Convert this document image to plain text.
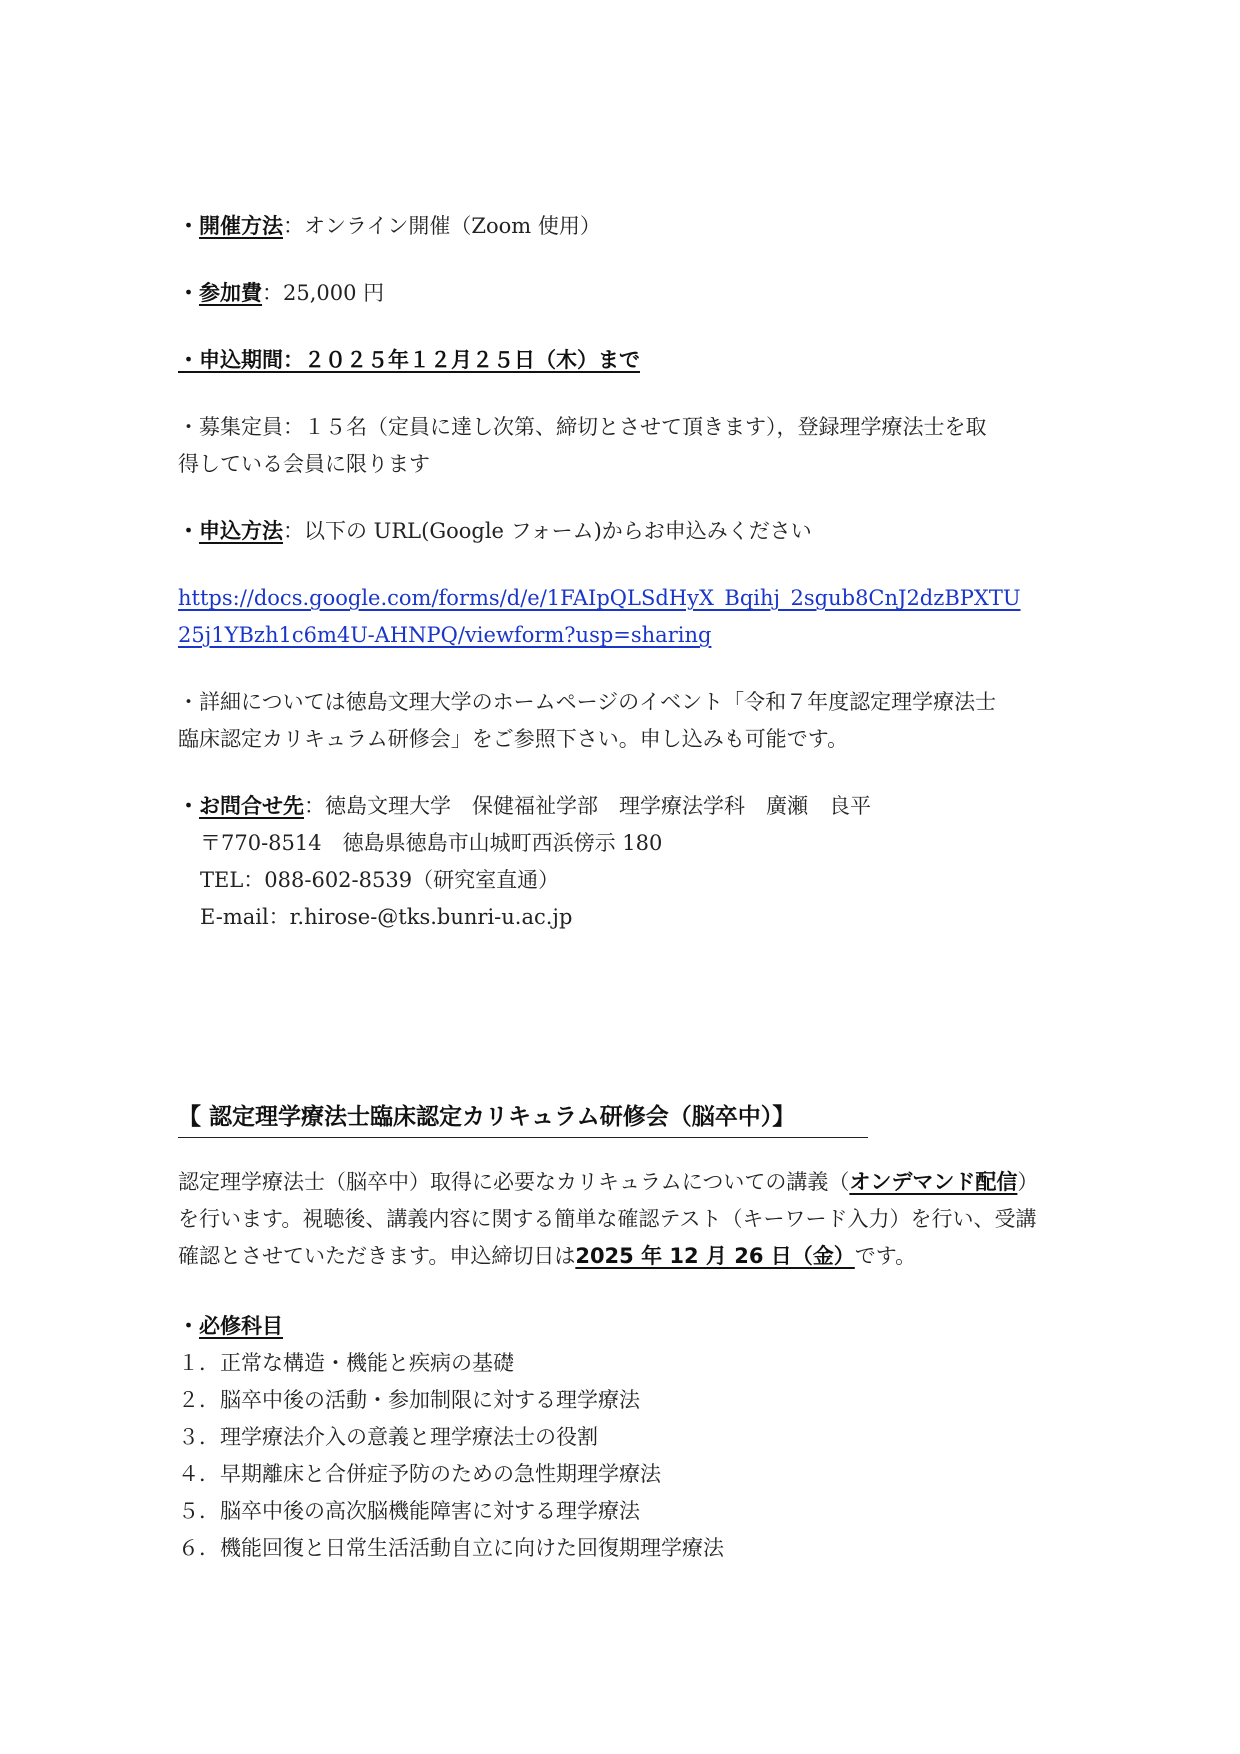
・開催方法：オンライン開催（Zoom 使用）

・参加費：25,000 円

・申込期間：２０２５年１２月２５日（木）まで

・募集定員：１５名（定員に達し次第、締切とさせて頂きます），登録理学療法士を取

得している会員に限ります

・申込方法：以下の URL(Google フォーム)からお申込みください

https://docs.google.com/forms/d/e/1FAIpQLSdHyX_Bqihj_2sgub8CnJ2dzBPXTU

25j1YBzh1c6m4U-AHNPQ/viewform?usp=sharing

・詳細については徳島文理大学のホームページのイベント「令和７年度認定理学療法士

臨床認定カリキュラム研修会」をご参照下さい。申し込みも可能です。

・お問合せ先：徳島文理大学　保健福祉学部　理学療法学科　廣瀬　良平

〒770-8514　徳島県徳島市山城町西浜傍示 180

TEL：088-602-8539（研究室直通）

E-mail：r.hirose-@tks.bunri-u.ac.jp

【 認定理学療法士臨床認定カリキュラム研修会（脳卒中）】

認定理学療法士（脳卒中）取得に必要なカリキュラムについての講義（オンデマンド配信）

を行います。視聴後、講義内容に関する簡単な確認テスト（キーワード入力）を行い、受講

確認とさせていただきます。申込締切日は2025 年 12 月 26 日（金）です。

・必修科目

１．正常な構造・機能と疾病の基礎

２．脳卒中後の活動・参加制限に対する理学療法

３．理学療法介入の意義と理学療法士の役割

４．早期離床と合併症予防のための急性期理学療法

５．脳卒中後の高次脳機能障害に対する理学療法

６．機能回復と日常生活活動自立に向けた回復期理学療法
